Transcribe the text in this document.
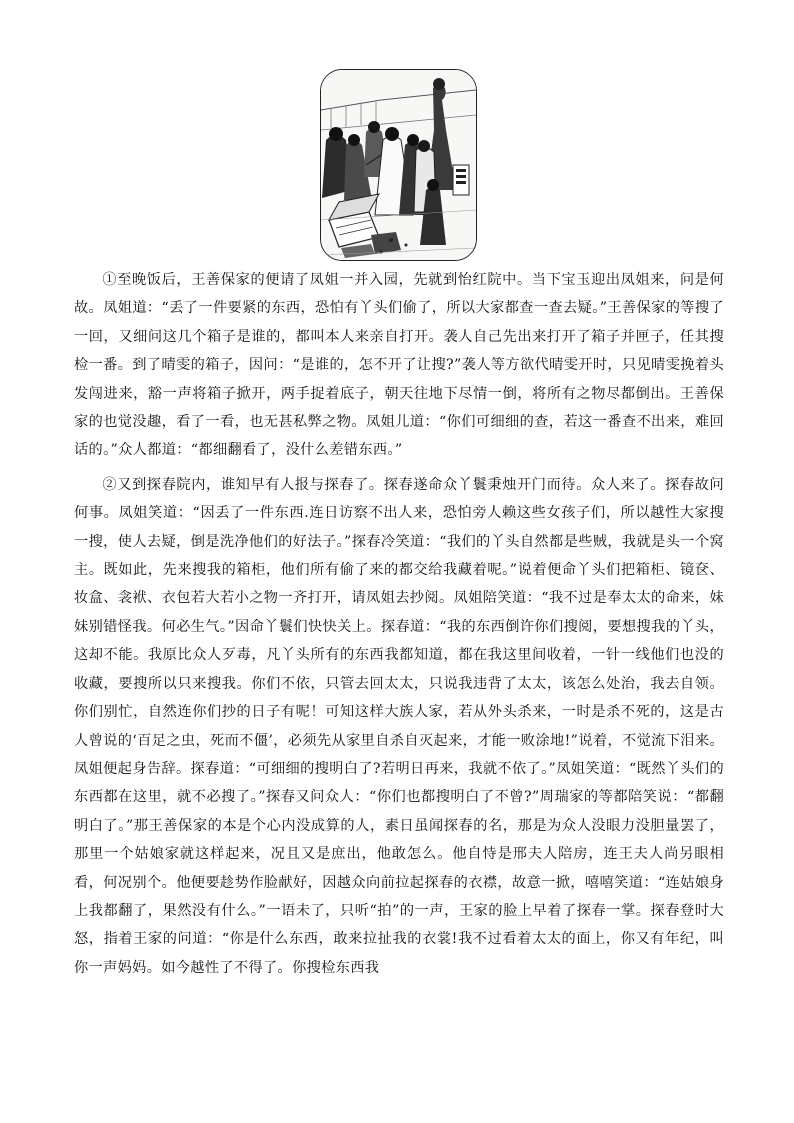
①至晚饭后，王善保家的便请了凤姐一并入园，先就到怡红院中。当下宝玉迎出凤姐来，问是何故。凤姐道：“丢了一件要紧的东西，恐怕有丫头们偷了，所以大家都查一查去疑。”王善保家的等搜了一回，又细问这几个箱子是谁的，都叫本人来亲自打开。袭人自己先出来打开了箱子并匣子，任其搜检一番。到了晴雯的箱子，因问：“是谁的，怎不开了让搜?”袭人等方欲代晴雯开时，只见晴雯挽着头发闯进来，豁一声将箱子掀开，两手捉着底子，朝天往地下尽情一倒，将所有之物尽都倒出。王善保家的也觉没趣，看了一看，也无甚私弊之物。凤姐儿道：“你们可细细的查，若这一番查不出来，难回话的。”众人都道：“都细翻看了，没什么差错东西。”

②又到探春院内，谁知早有人报与探春了。探春遂命众丫鬟秉烛开门而待。众人来了。探春故问何事。凤姐笑道：“因丢了一件东西.连日访察不出人来，恐怕旁人赖这些女孩子们，所以越性大家搜一搜，使人去疑，倒是洗净他们的好法子。”探春冷笑道：“我们的丫头自然都是些贼，我就是头一个窝主。既如此，先来搜我的箱柜，他们所有偷了来的都交给我藏着呢。”说着便命丫头们把箱柜、镜奁、妆盒、衾袱、衣包若大若小之物一齐打开，请凤姐去抄阅。凤姐陪笑道：“我不过是奉太太的命来，妹妹别错怪我。何必生气。”因命丫鬟们快快关上。探春道：“我的东西倒许你们搜阅，要想搜我的丫头，这却不能。我原比众人歹毒，凡丫头所有的东西我都知道，都在我这里间收着，一针一线他们也没的收藏，要搜所以只来搜我。你们不依，只管去回太太，只说我违背了太太，该怎么处治，我去自领。你们别忙，自然连你们抄的日子有呢！可知这样大族人家，若从外头杀来，一时是杀不死的，这是古人曾说的‘百足之虫，死而不僵’，必须先从家里自杀自灭起来，才能一败涂地!”说着，不觉流下泪来。凤姐便起身告辞。探春道：“可细细的搜明白了?若明日再来，我就不依了。”凤姐笑道：“既然丫头们的东西都在这里，就不必搜了。”探春又问众人：“你们也都搜明白了不曾?”周瑞家的等都陪笑说：“都翻明白了。”那王善保家的本是个心内没成算的人，素日虽闻探春的名，那是为众人没眼力没胆量罢了，那里一个姑娘家就这样起来，况且又是庶出，他敢怎么。他自恃是邢夫人陪房，连王夫人尚另眼相看，何况别个。他便要趁势作脸献好，因越众向前拉起探春的衣襟，故意一掀，嘻嘻笑道：“连姑娘身上我都翻了，果然没有什么。”一语未了，只听“拍”的一声，王家的脸上早着了探春一掌。探春登时大怒，指着王家的问道：“你是什么东西，敢来拉扯我的衣裳!我不过看着太太的面上，你又有年纪，叫你一声妈妈。如今越性了不得了。你搜检东西我
